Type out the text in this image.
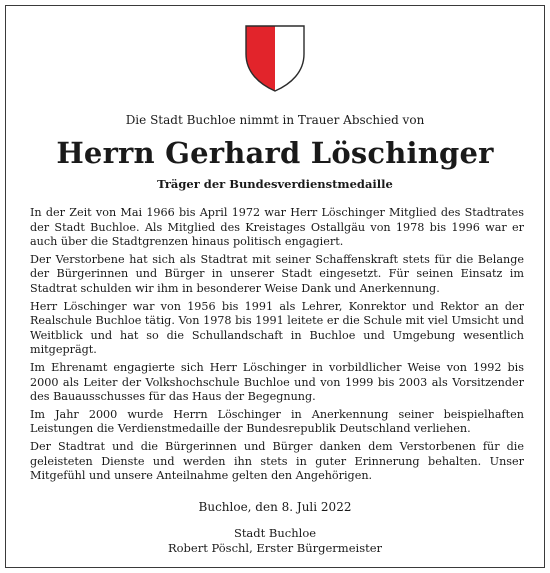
Die Stadt Buchloe nimmt in Trauer Abschied von
Herrn Gerhard Löschinger
Träger der Bundesverdienstmedaille

In der Zeit von Mai 1966 bis April 1972 war Herr Löschinger Mitglied des Stadtrates der Stadt Buchloe. Als Mitglied des Kreistages Ostallgäu von 1978 bis 1996 war er auch über die Stadtgrenzen hinaus politisch engagiert.

Der Verstorbene hat sich als Stadtrat mit seiner Schaffenskraft stets für die Belange der Bürgerinnen und Bürger in unserer Stadt eingesetzt. Für seinen Einsatz im Stadtrat schulden wir ihm in besonderer Weise Dank und Anerkennung.

Herr Löschinger war von 1956 bis 1991 als Lehrer, Konrektor und Rektor an der Realschule Buchloe tätig. Von 1978 bis 1991 leitete er die Schule mit viel Umsicht und Weitblick und hat so die Schullandschaft in Buchloe und Umgebung wesentlich mitgeprägt.

Im Ehrenamt engagierte sich Herr Löschinger in vorbildlicher Weise von 1992 bis 2000 als Leiter der Volkshochschule Buchloe und von 1999 bis 2003 als Vorsitzender des Bauausschusses für das Haus der Begegnung.

Im Jahr 2000 wurde Herrn Löschinger in Anerkennung seiner beispielhaften Leistungen die Verdienstmedaille der Bundesrepublik Deutschland verliehen.

Der Stadtrat und die Bürgerinnen und Bürger danken dem Verstorbenen für die geleisteten Dienste und werden ihn stets in guter Erinnerung behalten. Unser Mitgefühl und unsere Anteilnahme gelten den Angehörigen.

Buchloe, den 8. Juli 2022
Stadt Buchloe
Robert Pöschl, Erster Bürgermeister
